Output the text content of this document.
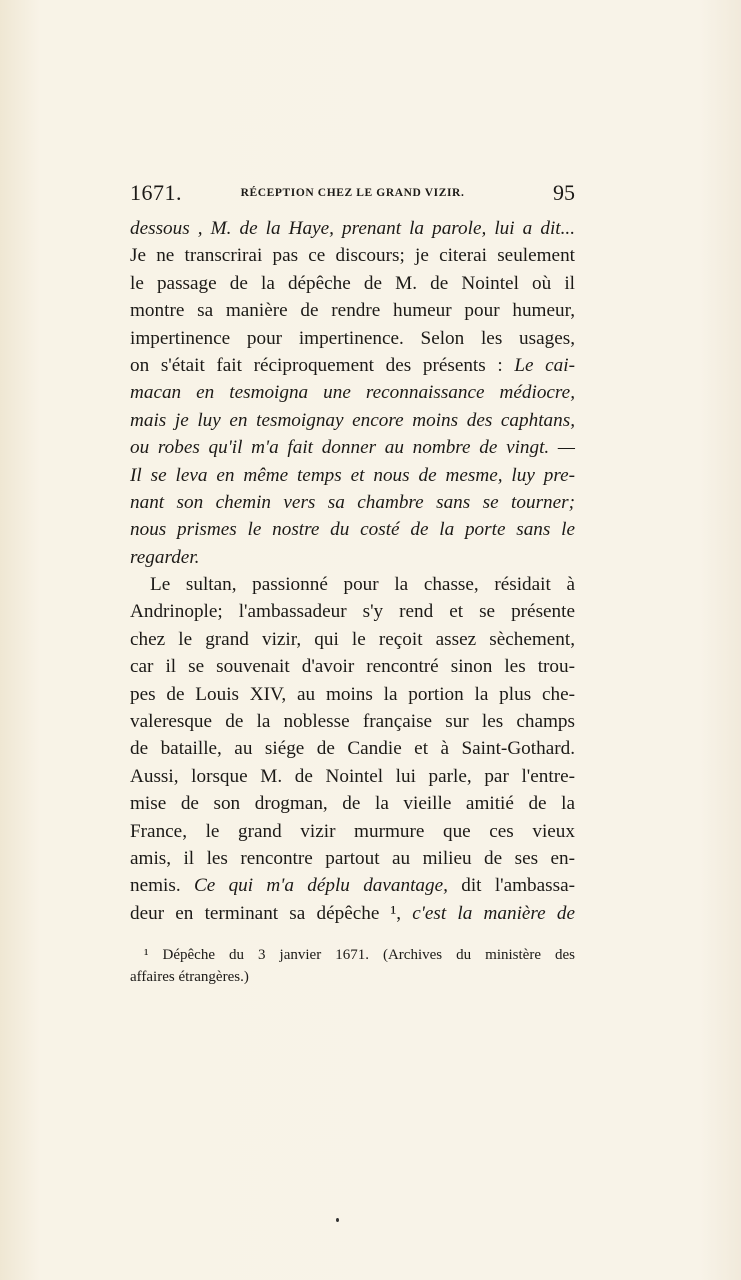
1671.	RÉCEPTION CHEZ LE GRAND VIZIR.	95
dessous , M. de la Haye, prenant la parole, lui a dit...
Je ne transcrirai pas ce discours; je citerai seulement
le passage de la dépêche de M. de Nointel où il
montre sa manière de rendre humeur pour humeur,
impertinence pour impertinence. Selon les usages,
on s'était fait réciproquement des présents : Le cai-
macan en tesmoigna une reconnaissance médiocre,
mais je luy en tesmoignay encore moins des caphtans,
ou robes qu'il m'a fait donner au nombre de vingt. —
Il se leva en même temps et nous de mesme, luy pre-
nant son chemin vers sa chambre sans se tourner;
nous prismes le nostre du costé de la porte sans le
regarder.
Le sultan, passionné pour la chasse, résidait à
Andrinople; l'ambassadeur s'y rend et se présente
chez le grand vizir, qui le reçoit assez sèchement,
car il se souvenait d'avoir rencontré sinon les trou-
pes de Louis XIV, au moins la portion la plus che-
valeresque de la noblesse française sur les champs
de bataille, au siége de Candie et à Saint-Gothard.
Aussi, lorsque M. de Nointel lui parle, par l'entre-
mise de son drogman, de la vieille amitié de la
France, le grand vizir murmure que ces vieux
amis, il les rencontre partout au milieu de ses en-
nemis. Ce qui m'a déplu davantage, dit l'ambassa-
deur en terminant sa dépêche ¹, c'est la manière de
¹ Dépêche du 3 janvier 1671. (Archives du ministère des
affaires étrangères.)
